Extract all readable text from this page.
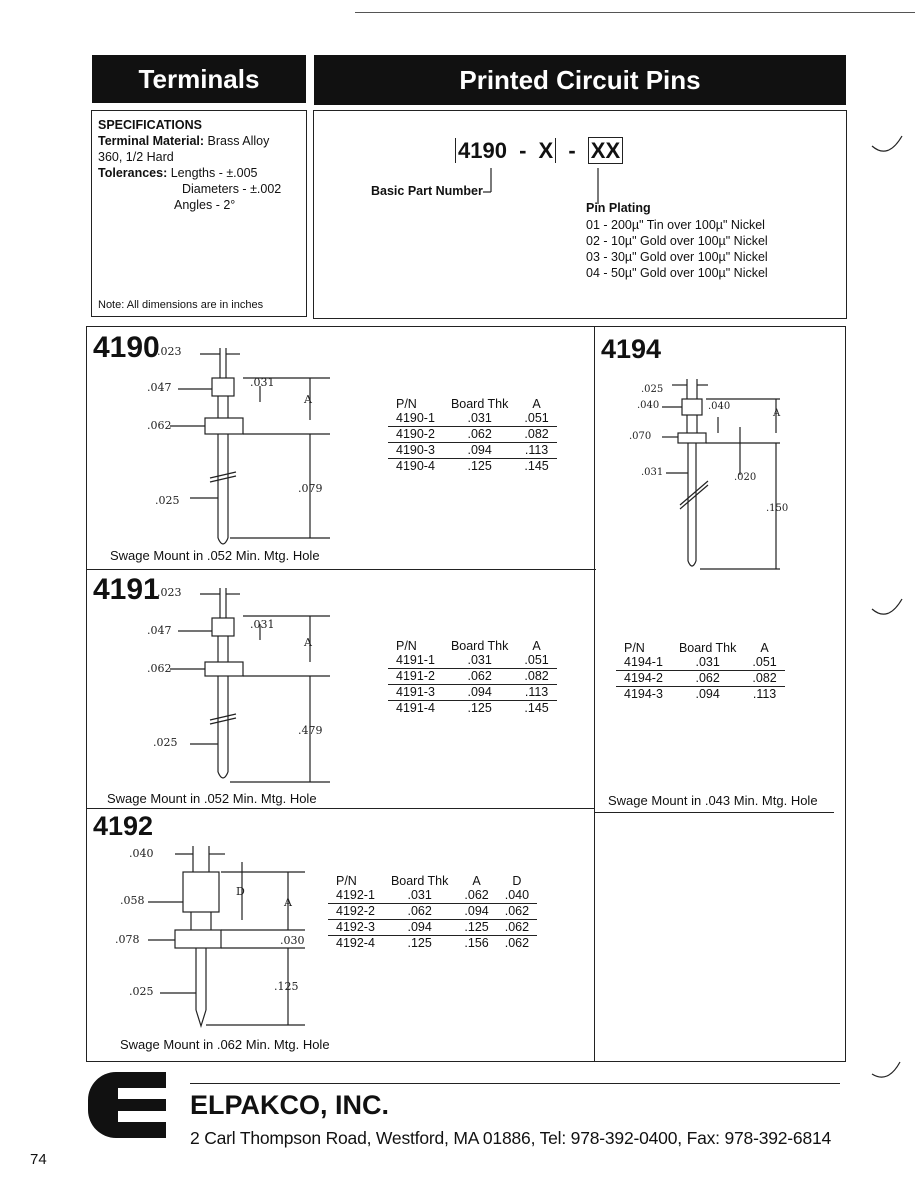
Terminals	Printed Circuit Pins
SPECIFICATIONS
Terminal Material: Brass Alloy
360, 1/2 Hard
Tolerances: Lengths - ±.005
Diameters - ±.002
Angles - 2°
Note: All dimensions are in inches
4190 - X - XX
Basic Part Number
Pin Plating
01 - 200µ" Tin over 100µ" Nickel
02 - 10µ" Gold over 100µ" Nickel
03 - 30µ" Gold over 100µ" Nickel
04 - 50µ" Gold over 100µ" Nickel
4190
.023
.047
.062
.025
.031
A
.079
Swage Mount in .052 Min. Mtg. Hole
P/N	Board Thk	A
4190-1	.031	.051
4190-2	.062	.082
4190-3	.094	.113
4190-4	.125	.145
4191
.023
.047
.062
.025
.031
A
.479
Swage Mount in .052 Min. Mtg. Hole
P/N	Board Thk	A
4191-1	.031	.051
4191-2	.062	.082
4191-3	.094	.113
4191-4	.125	.145
4192
.040
.058
.078
.025
D
A
.030
.125
Swage Mount in .062 Min. Mtg. Hole
P/N	Board Thk	A	D
4192-1	.031	.062	.040
4192-2	.062	.094	.062
4192-3	.094	.125	.062
4192-4	.125	.156	.062
4194
.025
.040
.070
.031
.040
A
.020
.150
Swage Mount in .043 Min. Mtg. Hole
P/N	Board Thk	A
4194-1	.031	.051
4194-2	.062	.082
4194-3	.094	.113
ELPAKCO, INC.
2 Carl Thompson Road, Westford, MA 01886, Tel: 978-392-0400, Fax: 978-392-6814
74
